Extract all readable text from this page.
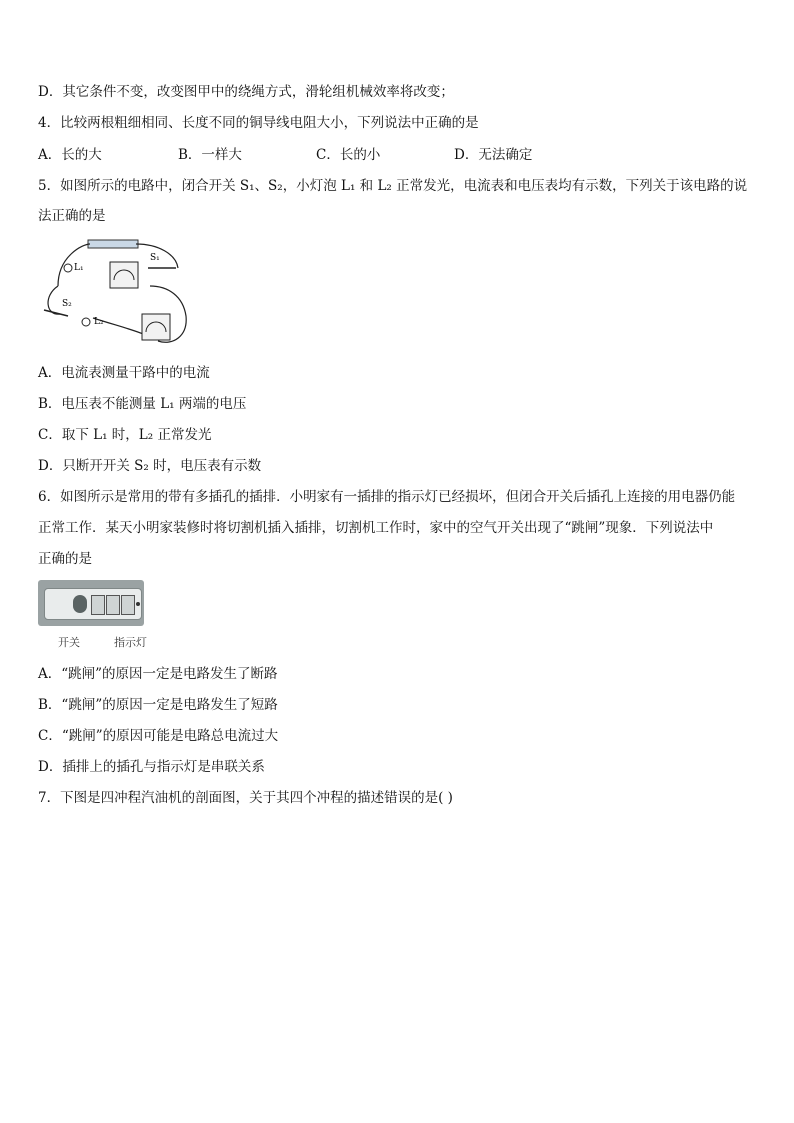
D．其它条件不变，改变图甲中的绕绳方式，滑轮组机械效率将改变；
4．比较两根粗细相同、长度不同的铜导线电阻大小，下列说法中正确的是
A．长的大	B．一样大	C．长的小	D．无法确定
5．如图所示的电路中，闭合开关 S₁、S₂，小灯泡 L₁ 和 L₂ 正常发光，电流表和电压表均有示数，下列关于该电路的说
法正确的是
S₁
L₁
S₂
L₂
A．电流表测量干路中的电流
B．电压表不能测量 L₁ 两端的电压
C．取下 L₁ 时，L₂ 正常发光
D．只断开开关 S₂ 时，电压表有示数
6．如图所示是常用的带有多插孔的插排．小明家有一插排的指示灯已经损坏，但闭合开关后插孔上连接的用电器仍能
正常工作．某天小明家装修时将切割机插入插排，切割机工作时，家中的空气开关出现了“跳闸”现象．下列说法中
正确的是
开关	指示灯
A．“跳闸”的原因一定是电路发生了断路
B．“跳闸”的原因一定是电路发生了短路
C．“跳闸”的原因可能是电路总电流过大
D．插排上的插孔与指示灯是串联关系
7．下图是四冲程汽油机的剖面图，关于其四个冲程的描述错误的是( )
